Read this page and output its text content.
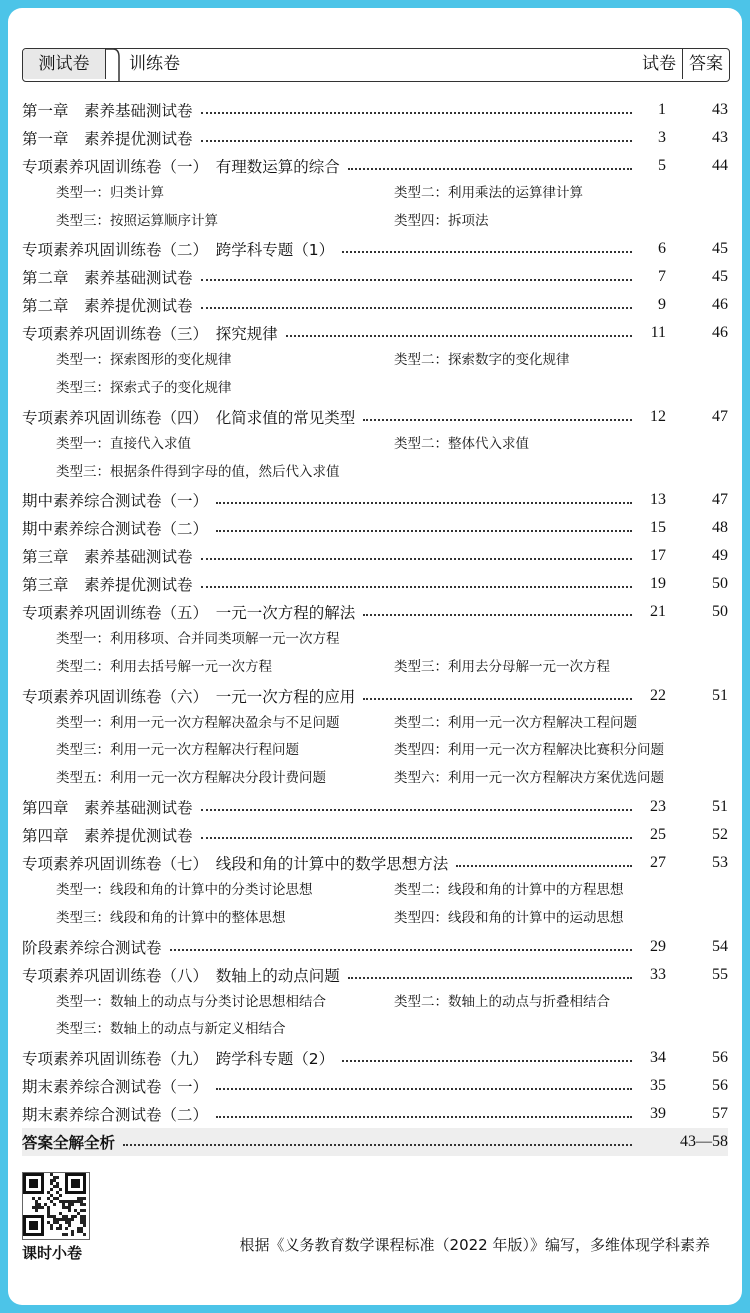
测试卷	训练卷	试卷 答案
第一章　素养基础测试卷	1	43
第一章　素养提优测试卷	3	43
专项素养巩固训练卷（一）　有理数运算的综合	5	44
类型一：归类计算	类型二：利用乘法的运算律计算
类型三：按照运算顺序计算	类型四：拆项法
专项素养巩固训练卷（二）　跨学科专题（1）	6	45
第二章　素养基础测试卷	7	45
第二章　素养提优测试卷	9	46
专项素养巩固训练卷（三）　探究规律	11	46
类型一：探索图形的变化规律	类型二：探索数字的变化规律
类型三：探索式子的变化规律
专项素养巩固训练卷（四）　化简求值的常见类型	12	47
类型一：直接代入求值	类型二：整体代入求值
类型三：根据条件得到字母的值，然后代入求值
期中素养综合测试卷（一）	13	47
期中素养综合测试卷（二）	15	48
第三章　素养基础测试卷	17	49
第三章　素养提优测试卷	19	50
专项素养巩固训练卷（五）　一元一次方程的解法	21	50
类型一：利用移项、合并同类项解一元一次方程
类型二：利用去括号解一元一次方程	类型三：利用去分母解一元一次方程
专项素养巩固训练卷（六）　一元一次方程的应用	22	51
类型一：利用一元一次方程解决盈余与不足问题	类型二：利用一元一次方程解决工程问题
类型三：利用一元一次方程解决行程问题	类型四：利用一元一次方程解决比赛积分问题
类型五：利用一元一次方程解决分段计费问题	类型六：利用一元一次方程解决方案优选问题
第四章　素养基础测试卷	23	51
第四章　素养提优测试卷	25	52
专项素养巩固训练卷（七）　线段和角的计算中的数学思想方法	27	53
类型一：线段和角的计算中的分类讨论思想	类型二：线段和角的计算中的方程思想
类型三：线段和角的计算中的整体思想	类型四：线段和角的计算中的运动思想
阶段素养综合测试卷	29	54
专项素养巩固训练卷（八）　数轴上的动点问题	33	55
类型一：数轴上的动点与分类讨论思想相结合	类型二：数轴上的动点与折叠相结合
类型三：数轴上的动点与新定义相结合
专项素养巩固训练卷（九）　跨学科专题（2）	34	56
期末素养综合测试卷（一）	35	56
期末素养综合测试卷（二）	39	57
答案全解全析	43—58
课时小卷	根据《义务教育数学课程标准（2022 年版）》编写，多维体现学科素养
